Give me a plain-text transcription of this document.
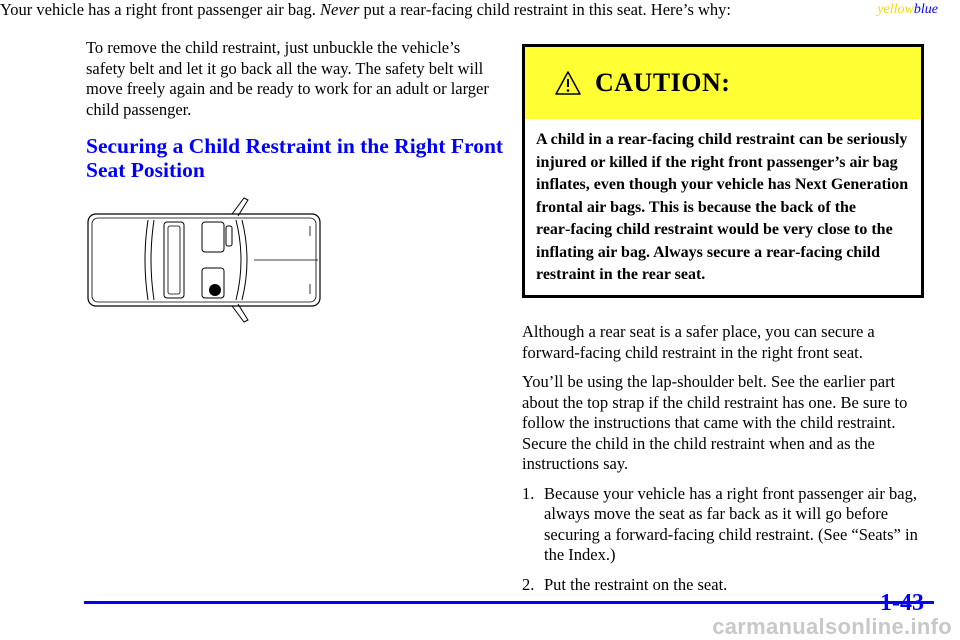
yellowblue

To remove the child restraint, just unbuckle the vehicle’s safety belt and let it go back all the way. The safety belt will move freely again and be ready to work for an adult or larger child passenger.

Securing a Child Restraint in the Right Front Seat Position

Your vehicle has a right front passenger air bag. Never put a rear‑facing child restraint in this seat. Here’s why:

CAUTION:
A child in a rear‑facing child restraint can be seriously injured or killed if the right front passenger’s air bag inflates, even though your vehicle has Next Generation frontal air bags. This is because the back of the rear‑facing child restraint would be very close to the inflating air bag. Always secure a rear‑facing child restraint in the rear seat.

Although a rear seat is a safer place, you can secure a forward‑facing child restraint in the right front seat.

You’ll be using the lap‑shoulder belt. See the earlier part about the top strap if the child restraint has one. Be sure to follow the instructions that came with the child restraint. Secure the child in the child restraint when and as the instructions say.

1. Because your vehicle has a right front passenger air bag, always move the seat as far back as it will go before securing a forward‑facing child restraint. (See “Seats” in the Index.)
2. Put the restraint on the seat.
1-43
carmanualsonline.info
